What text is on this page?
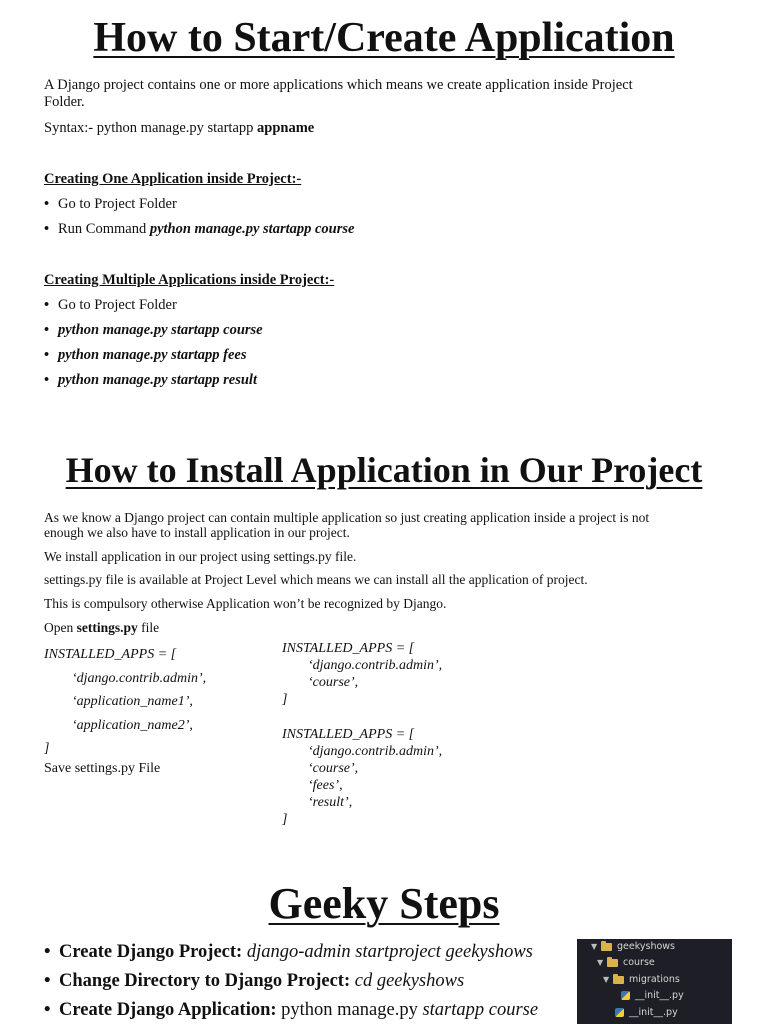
How to Start/Create Application
A Django project contains one or more applications which means we create application inside Project
Folder.
Syntax:- python manage.py startapp appname
Creating One Application inside Project:-
• Go to Project Folder
• Run Command python manage.py startapp course
Creating Multiple Applications inside Project:-
• Go to Project Folder
• python manage.py startapp course
• python manage.py startapp fees
• python manage.py startapp result
How to Install Application in Our Project
As we know a Django project can contain multiple application so just creating application inside a project is not
enough we also have to install application in our project.
We install application in our project using settings.py file.
settings.py file is available at Project Level which means we can install all the application of project.
This is compulsory otherwise Application won’t be recognized by Django.
Open settings.py file
INSTALLED_APPS = [
‘django.contrib.admin’,
‘application_name1’,
‘application_name2’,
]
Save settings.py File
INSTALLED_APPS = [
‘django.contrib.admin’,
‘course’,
]
INSTALLED_APPS = [
‘django.contrib.admin’,
‘course’,
‘fees’,
‘result’,
]
Geeky Steps
• Create Django Project: django-admin startproject geekyshows
• Change Directory to Django Project: cd geekyshows
• Create Django Application: python manage.py startapp course
▼	geekyshows
▼	course
▼	migrations
__init__.py
__init__.py
